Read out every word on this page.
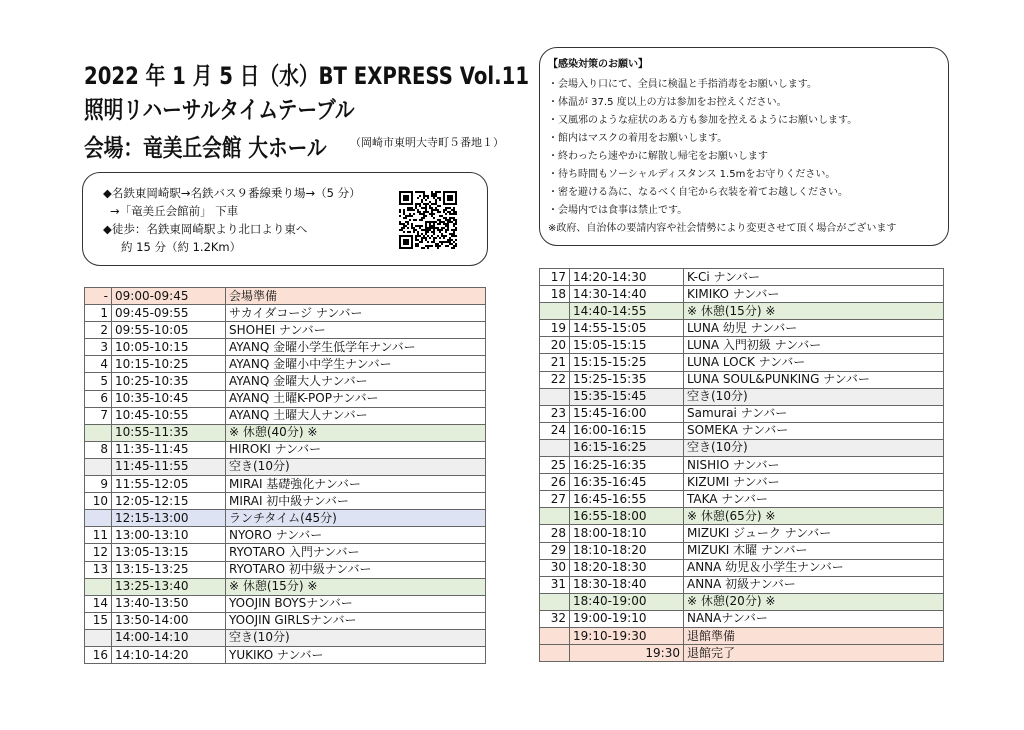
2022 年 1 月 5 日（水）BT EXPRESS Vol.11
照明リハーサルタイムテーブル
会場：竜美丘会館 大ホール （岡崎市東明大寺町５番地１）
◆名鉄東岡崎駅→名鉄バス９番線乗り場→（5 分）
→「竜美丘会館前」 下車
◆徒歩：名鉄東岡崎駅より北口より東へ
約 15 分（約 1.2Km）
【感染対策のお願い】
・会場入り口にて、全員に検温と手指消毒をお願いします。
・体温が 37.5 度以上の方は参加をお控えください。
・又風邪のような症状のある方も参加を控えるようにお願いします。
・館内はマスクの着用をお願いします。
・終わったら速やかに解散し帰宅をお願いします
・待ち時間もソーシャルディスタンス 1.5mをお守りください。
・密を避ける為に、なるべく自宅から衣装を着てお越しください。
・会場内では食事は禁止です。
※政府、自治体の要請内容や社会情勢により変更させて頂く場合がございます
-	09:00-09:45	会場準備
1	09:45-09:55	サカイダコージ ナンバー
2	09:55-10:05	SHOHEI ナンバー
3	10:05-10:15	AYANQ 金曜小学生低学年ナンバー
4	10:15-10:25	AYANQ 金曜小中学生ナンバー
5	10:25-10:35	AYANQ 金曜大人ナンバー
6	10:35-10:45	AYANQ 土曜K-POPナンバー
7	10:45-10:55	AYANQ 土曜大人ナンバー
	10:55-11:35	※ 休憩(40分) ※
8	11:35-11:45	HIROKI ナンバー
	11:45-11:55	空き(10分)
9	11:55-12:05	MIRAI 基礎強化ナンバー
10	12:05-12:15	MIRAI 初中級ナンバー
	12:15-13:00	ランチタイム(45分)
11	13:00-13:10	NYORO ナンバー
12	13:05-13:15	RYOTARO 入門ナンバー
13	13:15-13:25	RYOTARO 初中級ナンバー
	13:25-13:40	※ 休憩(15分) ※
14	13:40-13:50	YOOJIN BOYSナンバー
15	13:50-14:00	YOOJIN GIRLSナンバー
	14:00-14:10	空き(10分)
16	14:10-14:20	YUKIKO ナンバー
17	14:20-14:30	K-Ci ナンバー
18	14:30-14:40	KIMIKO ナンバー
	14:40-14:55	※ 休憩(15分) ※
19	14:55-15:05	LUNA 幼児 ナンバー
20	15:05-15:15	LUNA 入門初級 ナンバー
21	15:15-15:25	LUNA LOCK ナンバー
22	15:25-15:35	LUNA SOUL&PUNKING ナンバー
	15:35-15:45	空き(10分)
23	15:45-16:00	Samurai ナンバー
24	16:00-16:15	SOMEKA ナンバー
	16:15-16:25	空き(10分)
25	16:25-16:35	NISHIO ナンバー
26	16:35-16:45	KIZUMI ナンバー
27	16:45-16:55	TAKA ナンバー
	16:55-18:00	※ 休憩(65分) ※
28	18:00-18:10	MIZUKI ジューク ナンバー
29	18:10-18:20	MIZUKI 木曜 ナンバー
30	18:20-18:30	ANNA 幼児＆小学生ナンバー
31	18:30-18:40	ANNA 初級ナンバー
	18:40-19:00	※ 休憩(20分) ※
32	19:00-19:10	NANAナンバー
	19:10-19:30	退館準備
	19:30	退館完了
